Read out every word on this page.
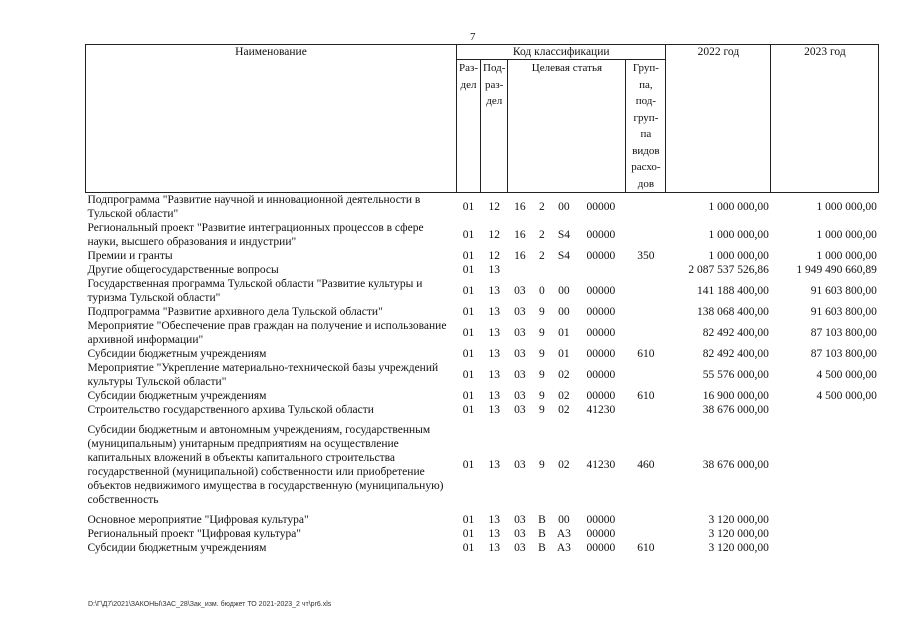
7
Наименование	Код классификации							2022 год	2023 год
	Раз-дел	Под-раз-дел	Целевая статья				Груп-па, под-груп-па видов расхо-дов		
Подпрограмма "Развитие научной и инновационной деятельности в Тульской области"	01	12	16	2	00	00000		1 000 000,00	1 000 000,00
Региональный проект "Развитие интеграционных процессов в сфере науки, высшего образования и индустрии"	01	12	16	2	S4	00000		1 000 000,00	1 000 000,00
Премии и гранты	01	12	16	2	S4	00000	350	1 000 000,00	1 000 000,00
Другие общегосударственные вопросы	01	13						2 087 537 526,86	1 949 490 660,89
Государственная программа Тульской области "Развитие культуры и туризма Тульской области"	01	13	03	0	00	00000		141 188 400,00	91 603 800,00
Подпрограмма "Развитие архивного дела Тульской области"	01	13	03	9	00	00000		138 068 400,00	91 603 800,00
Мероприятие "Обеспечение прав граждан на получение и использование архивной информации"	01	13	03	9	01	00000		82 492 400,00	87 103 800,00
Субсидии бюджетным учреждениям	01	13	03	9	01	00000	610	82 492 400,00	87 103 800,00
Мероприятие "Укрепление материально-технической базы учреждений культуры Тульской области"	01	13	03	9	02	00000		55 576 000,00	4 500 000,00
Субсидии бюджетным учреждениям	01	13	03	9	02	00000	610	16 900 000,00	4 500 000,00
Строительство государственного архива Тульской области	01	13	03	9	02	41230		38 676 000,00	

Субсидии бюджетным и автономным учреждениям, государственным (муниципальным) унитарным предприятиям на осуществление капитальных вложений в объекты капитального строительства государственной (муниципальной) собственности или приобретение объектов недвижимого имущества в государственную (муниципальную) собственность	01	13	03	9	02	41230	460	38 676 000,00	

Основное мероприятие "Цифровая культура"	01	13	03	В	00	00000		3 120 000,00	
Региональный проект "Цифровая культура"	01	13	03	В	А3	00000		3 120 000,00	
Субсидии бюджетным учреждениям	01	13	03	В	А3	00000	610	3 120 000,00	
D:\Г\Д7\2021\ЗАКОНЫ\ЗАС_28\Зак_изм. бюджет ТО 2021-2023_2 чт\pr6.xls
